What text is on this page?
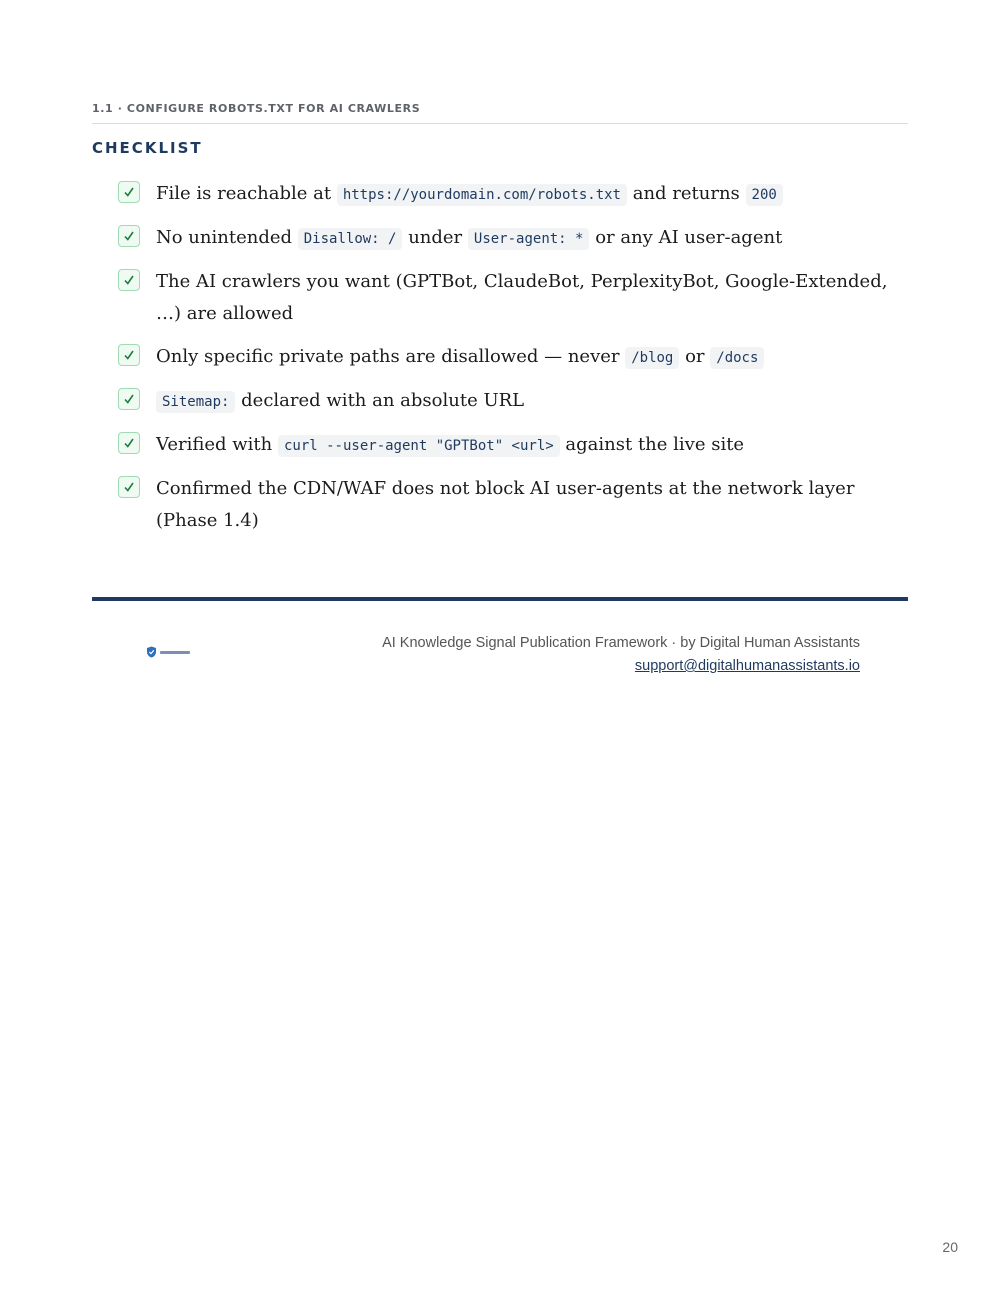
1.1 · CONFIGURE ROBOTS.TXT FOR AI CRAWLERS
CHECKLIST
File is reachable at https://yourdomain.com/robots.txt and returns 200
No unintended Disallow: / under User-agent: * or any AI user-agent
The AI crawlers you want (GPTBot, ClaudeBot, PerplexityBot, Google-Extended, …) are allowed
Only specific private paths are disallowed — never /blog or /docs
Sitemap: declared with an absolute URL
Verified with curl --user-agent "GPTBot" <url> against the live site
Confirmed the CDN/WAF does not block AI user-agents at the network layer (Phase 1.4)
AI Knowledge Signal Publication Framework · by Digital Human Assistants
support@digitalhumanassistants.io
20
